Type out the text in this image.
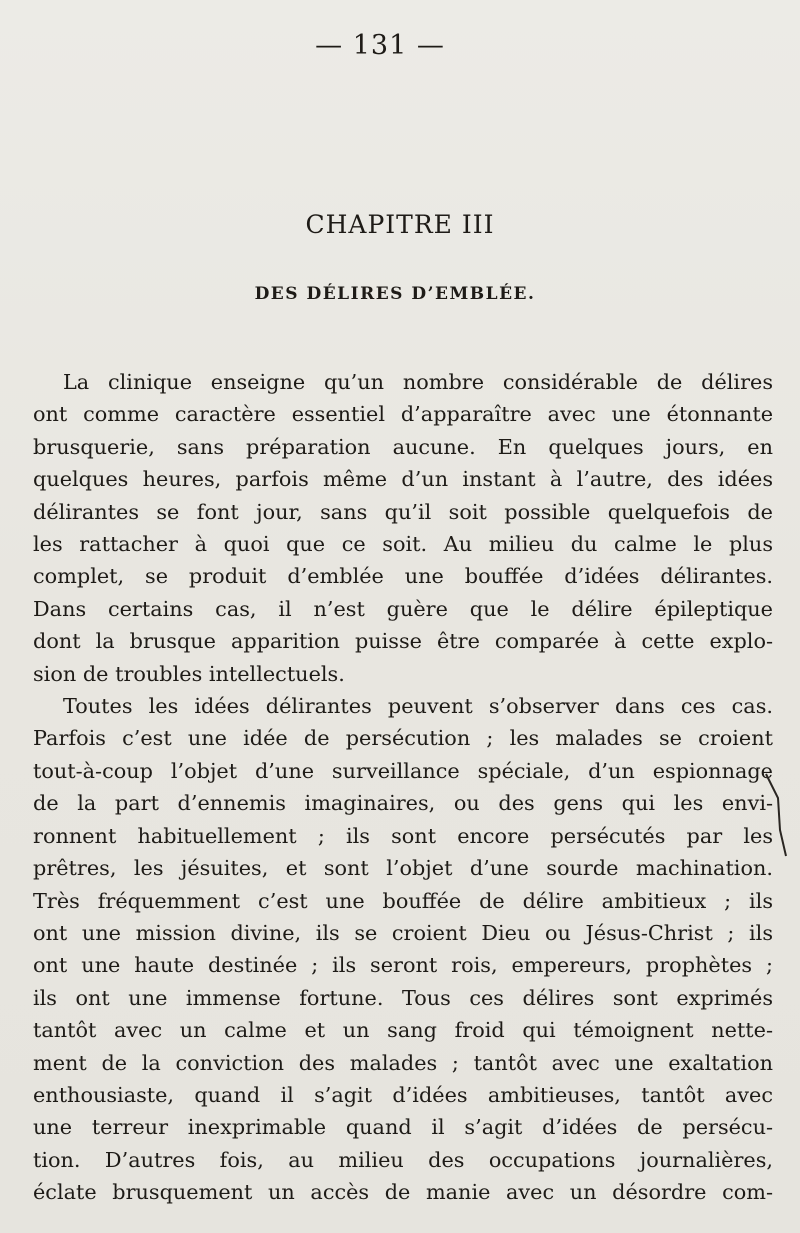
— 131 —
CHAPITRE III
DES DÉLIRES D’EMBLÉE.
La clinique enseigne qu’un nombre considérable de délires
ont comme caractère essentiel d’apparaître avec une étonnante
brusquerie, sans préparation aucune. En quelques jours, en
quelques heures, parfois même d’un instant à l’autre, des idées
délirantes se font jour, sans qu’il soit possible quelquefois de
les rattacher à quoi que ce soit. Au milieu du calme le plus
complet, se produit d’emblée une bouffée d’idées délirantes.
Dans certains cas, il n’est guère que le délire épileptique
dont la brusque apparition puisse être comparée à cette explo-
sion de troubles intellectuels.
Toutes les idées délirantes peuvent s’observer dans ces cas.
Parfois c’est une idée de persécution ; les malades se croient
tout-à-coup l’objet d’une surveillance spéciale, d’un espionnage
de la part d’ennemis imaginaires, ou des gens qui les envi-
ronnent habituellement ; ils sont encore persécutés par les
prêtres, les jésuites, et sont l’objet d’une sourde machination.
Très fréquemment c’est une bouffée de délire ambitieux ; ils
ont une mission divine, ils se croient Dieu ou Jésus-Christ ; ils
ont une haute destinée ; ils seront rois, empereurs, prophètes ;
ils ont une immense fortune. Tous ces délires sont exprimés
tantôt avec un calme et un sang froid qui témoignent nette-
ment de la conviction des malades ; tantôt avec une exaltation
enthousiaste, quand il s’agit d’idées ambitieuses, tantôt avec
une terreur inexprimable quand il s’agit d’idées de persécu-
tion. D’autres fois, au milieu des occupations journalières,
éclate brusquement un accès de manie avec un désordre com-
